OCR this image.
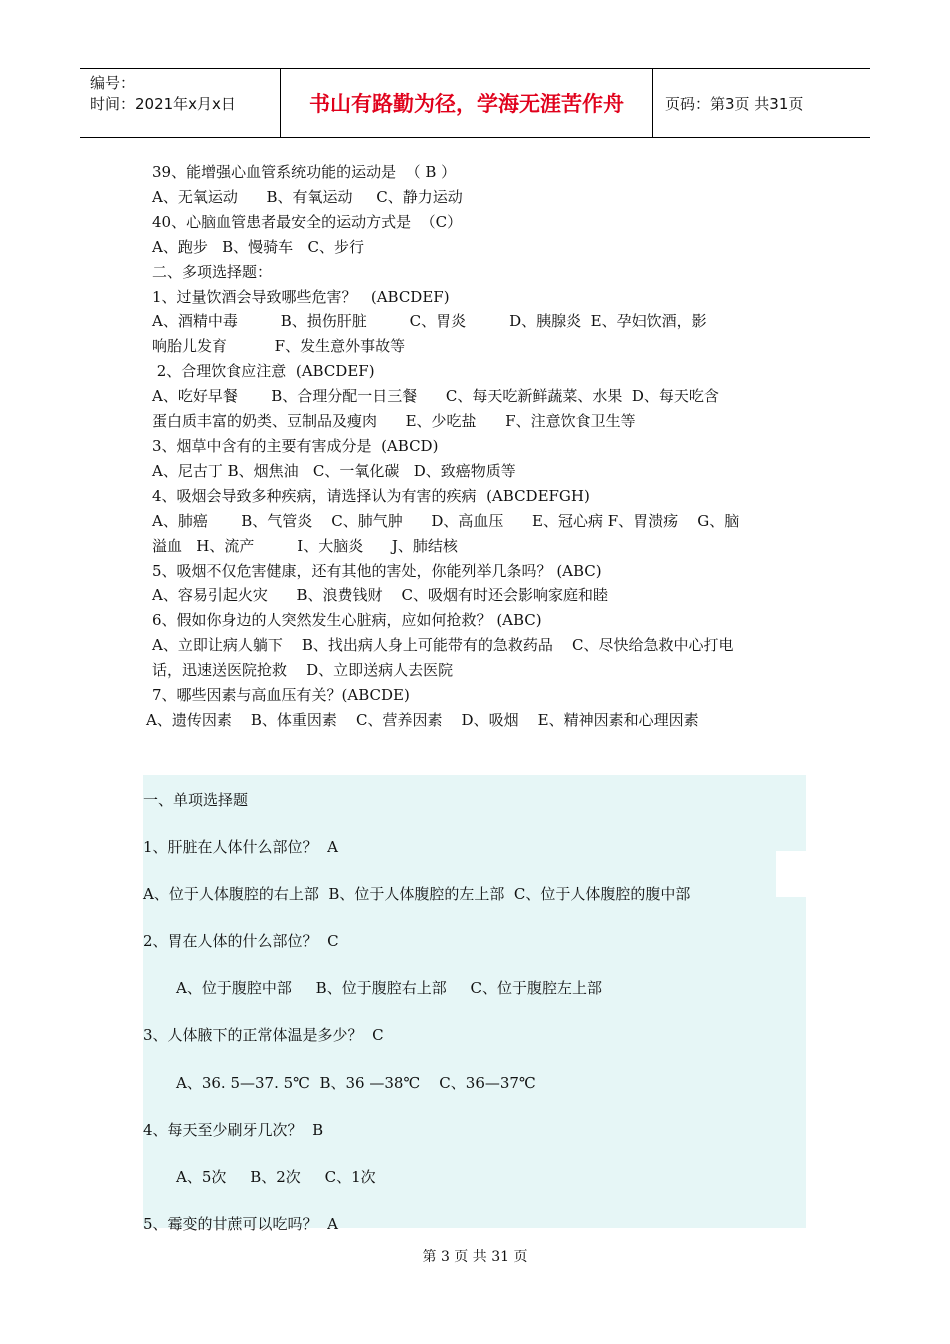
编号：
时间：2021年x月x日	书山有路勤为径，学海无涯苦作舟	页码：第3页 共31页
39、能增强心血管系统功能的运动是  （ B ）
A、无氧运动      B、有氧运动     C、静力运动
40、心脑血管患者最安全的运动方式是  （C）
A、跑步   B、慢骑车   C、步行
二、多项选择题：
1、过量饮酒会导致哪些危害？   (ABCDEF)
A、酒精中毒         B、损伤肝脏         C、胃炎         D、胰腺炎  E、孕妇饮酒，影
响胎儿发育          F、发生意外事故等
2、合理饮食应注意  (ABCDEF)
A、吃好早餐       B、合理分配一日三餐      C、每天吃新鲜蔬菜、水果  D、每天吃含
蛋白质丰富的奶类、豆制品及瘦肉      E、少吃盐      F、注意饮食卫生等
3、烟草中含有的主要有害成分是  (ABCD)
A、尼古丁 B、烟焦油   C、一氧化碳   D、致癌物质等
4、吸烟会导致多种疾病，请选择认为有害的疾病  (ABCDEFGH)
A、肺癌       B、气管炎    C、肺气肿      D、高血压      E、冠心病 F、胃溃疡    G、脑
溢血   H、流产         I、大脑炎      J、肺结核
5、吸烟不仅危害健康，还有其他的害处，你能列举几条吗？ (ABC)
A、容易引起火灾      B、浪费钱财    C、吸烟有时还会影响家庭和睦
6、假如你身边的人突然发生心脏病，应如何抢救？ (ABC)
A、立即让病人躺下    B、找出病人身上可能带有的急救药品    C、尽快给急救中心打电
话，迅速送医院抢救    D、立即送病人去医院
7、哪些因素与高血压有关？(ABCDE)
A、遗传因素    B、体重因素    C、营养因素    D、吸烟    E、精神因素和心理因素
一、单项选择题
1、肝脏在人体什么部位？  A
A、位于人体腹腔的右上部  B、位于人体腹腔的左上部  C、位于人体腹腔的腹中部
2、胃在人体的什么部位？  C
A、位于腹腔中部     B、位于腹腔右上部     C、位于腹腔左上部
3、人体腋下的正常体温是多少？  C
A、36. 5—37. 5℃  B、36 —38℃    C、36—37℃
4、每天至少刷牙几次？  B
A、5次     B、2次     C、1次
5、霉变的甘蔗可以吃吗？  A
第 3 页 共 31 页
